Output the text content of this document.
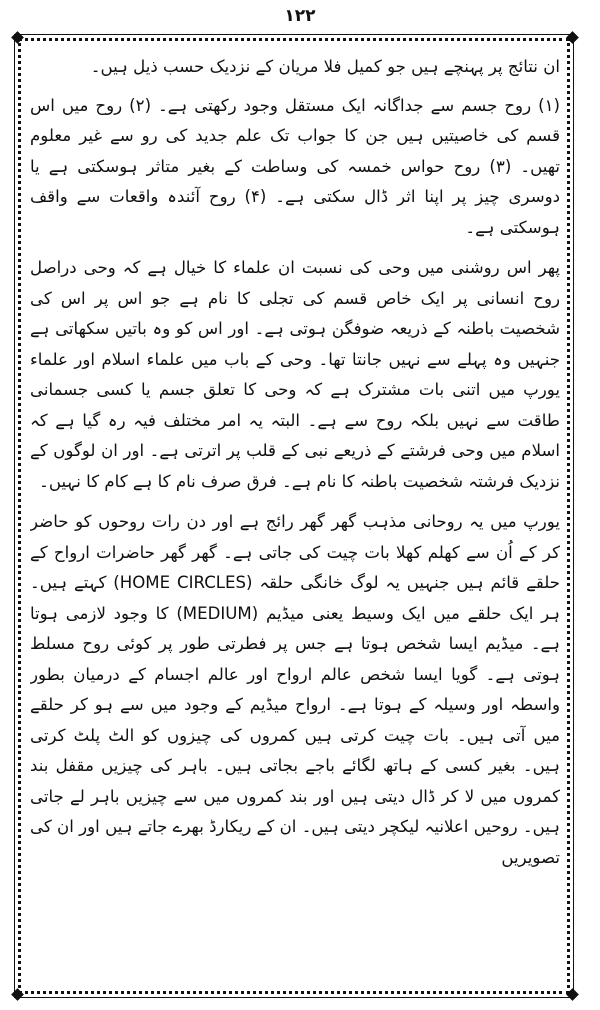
۱۲۲

ان نتائج پر پہنچے ہیں جو کمیل فلا مریان کے نزدیک حسب ذیل ہیں۔

(۱) روح جسم سے جداگانہ ایک مستقل وجود رکھتی ہے۔ (۲) روح میں اس قسم کی خاصیتیں ہیں جن کا جواب تک علم جدید کی رو سے غیر معلوم تھیں۔ (۳) روح حواس خمسہ کی وساطت کے بغیر متاثر ہوسکتی ہے یا دوسری چیز پر اپنا اثر ڈال سکتی ہے۔ (۴) روح آئندہ واقعات سے واقف ہوسکتی ہے۔

پھر اس روشنی میں وحی کی نسبت ان علماء کا خیال ہے کہ وحی دراصل روح انسانی پر ایک خاص قسم کی تجلی کا نام ہے جو اس پر اس کی شخصیت باطنہ کے ذریعہ ضوفگن ہوتی ہے۔ اور اس کو وہ باتیں سکھاتی ہے جنہیں وہ پہلے سے نہیں جانتا تھا۔ وحی کے باب میں علماء اسلام اور علماء یورپ میں اتنی بات مشترک ہے کہ وحی کا تعلق جسم یا کسی جسمانی طاقت سے نہیں بلکہ روح سے ہے۔ البتہ یہ امر مختلف فیہ رہ گیا ہے کہ اسلام میں وحی فرشتے کے ذریعے نبی کے قلب پر اترتی ہے۔ اور ان لوگوں کے نزدیک فرشتہ شخصیت باطنہ کا نام ہے۔ فرق صرف نام کا ہے کام کا نہیں۔

یورپ میں یہ روحانی مذہب گھر گھر رائج ہے اور دن رات روحوں کو حاضر کر کے اُن سے کھلم کھلا بات چیت کی جاتی ہے۔ گھر گھر حاضرات ارواح کے حلقے قائم ہیں جنہیں یہ لوگ خانگی حلقہ (HOME CIRCLES) کہتے ہیں۔ ہر ایک حلقے میں ایک وسیط یعنی میڈیم (MEDIUM) کا وجود لازمی ہوتا ہے۔ میڈیم ایسا شخص ہوتا ہے جس پر فطرتی طور پر کوئی روح مسلط ہوتی ہے۔ گویا ایسا شخص عالم ارواح اور عالم اجسام کے درمیان بطور واسطہ اور وسیلہ کے ہوتا ہے۔ ارواح میڈیم کے وجود میں سے ہو کر حلقے میں آتی ہیں۔ بات چیت کرتی ہیں کمروں کی چیزوں کو الٹ پلٹ کرتی ہیں۔ بغیر کسی کے ہاتھ لگائے باجے بجاتی ہیں۔ باہر کی چیزیں مقفل بند کمروں میں لا کر ڈال دیتی ہیں اور بند کمروں میں سے چیزیں باہر لے جاتی ہیں۔ روحیں اعلانیہ لیکچر دیتی ہیں۔ ان کے ریکارڈ بھرے جاتے ہیں اور ان کی تصویریں
